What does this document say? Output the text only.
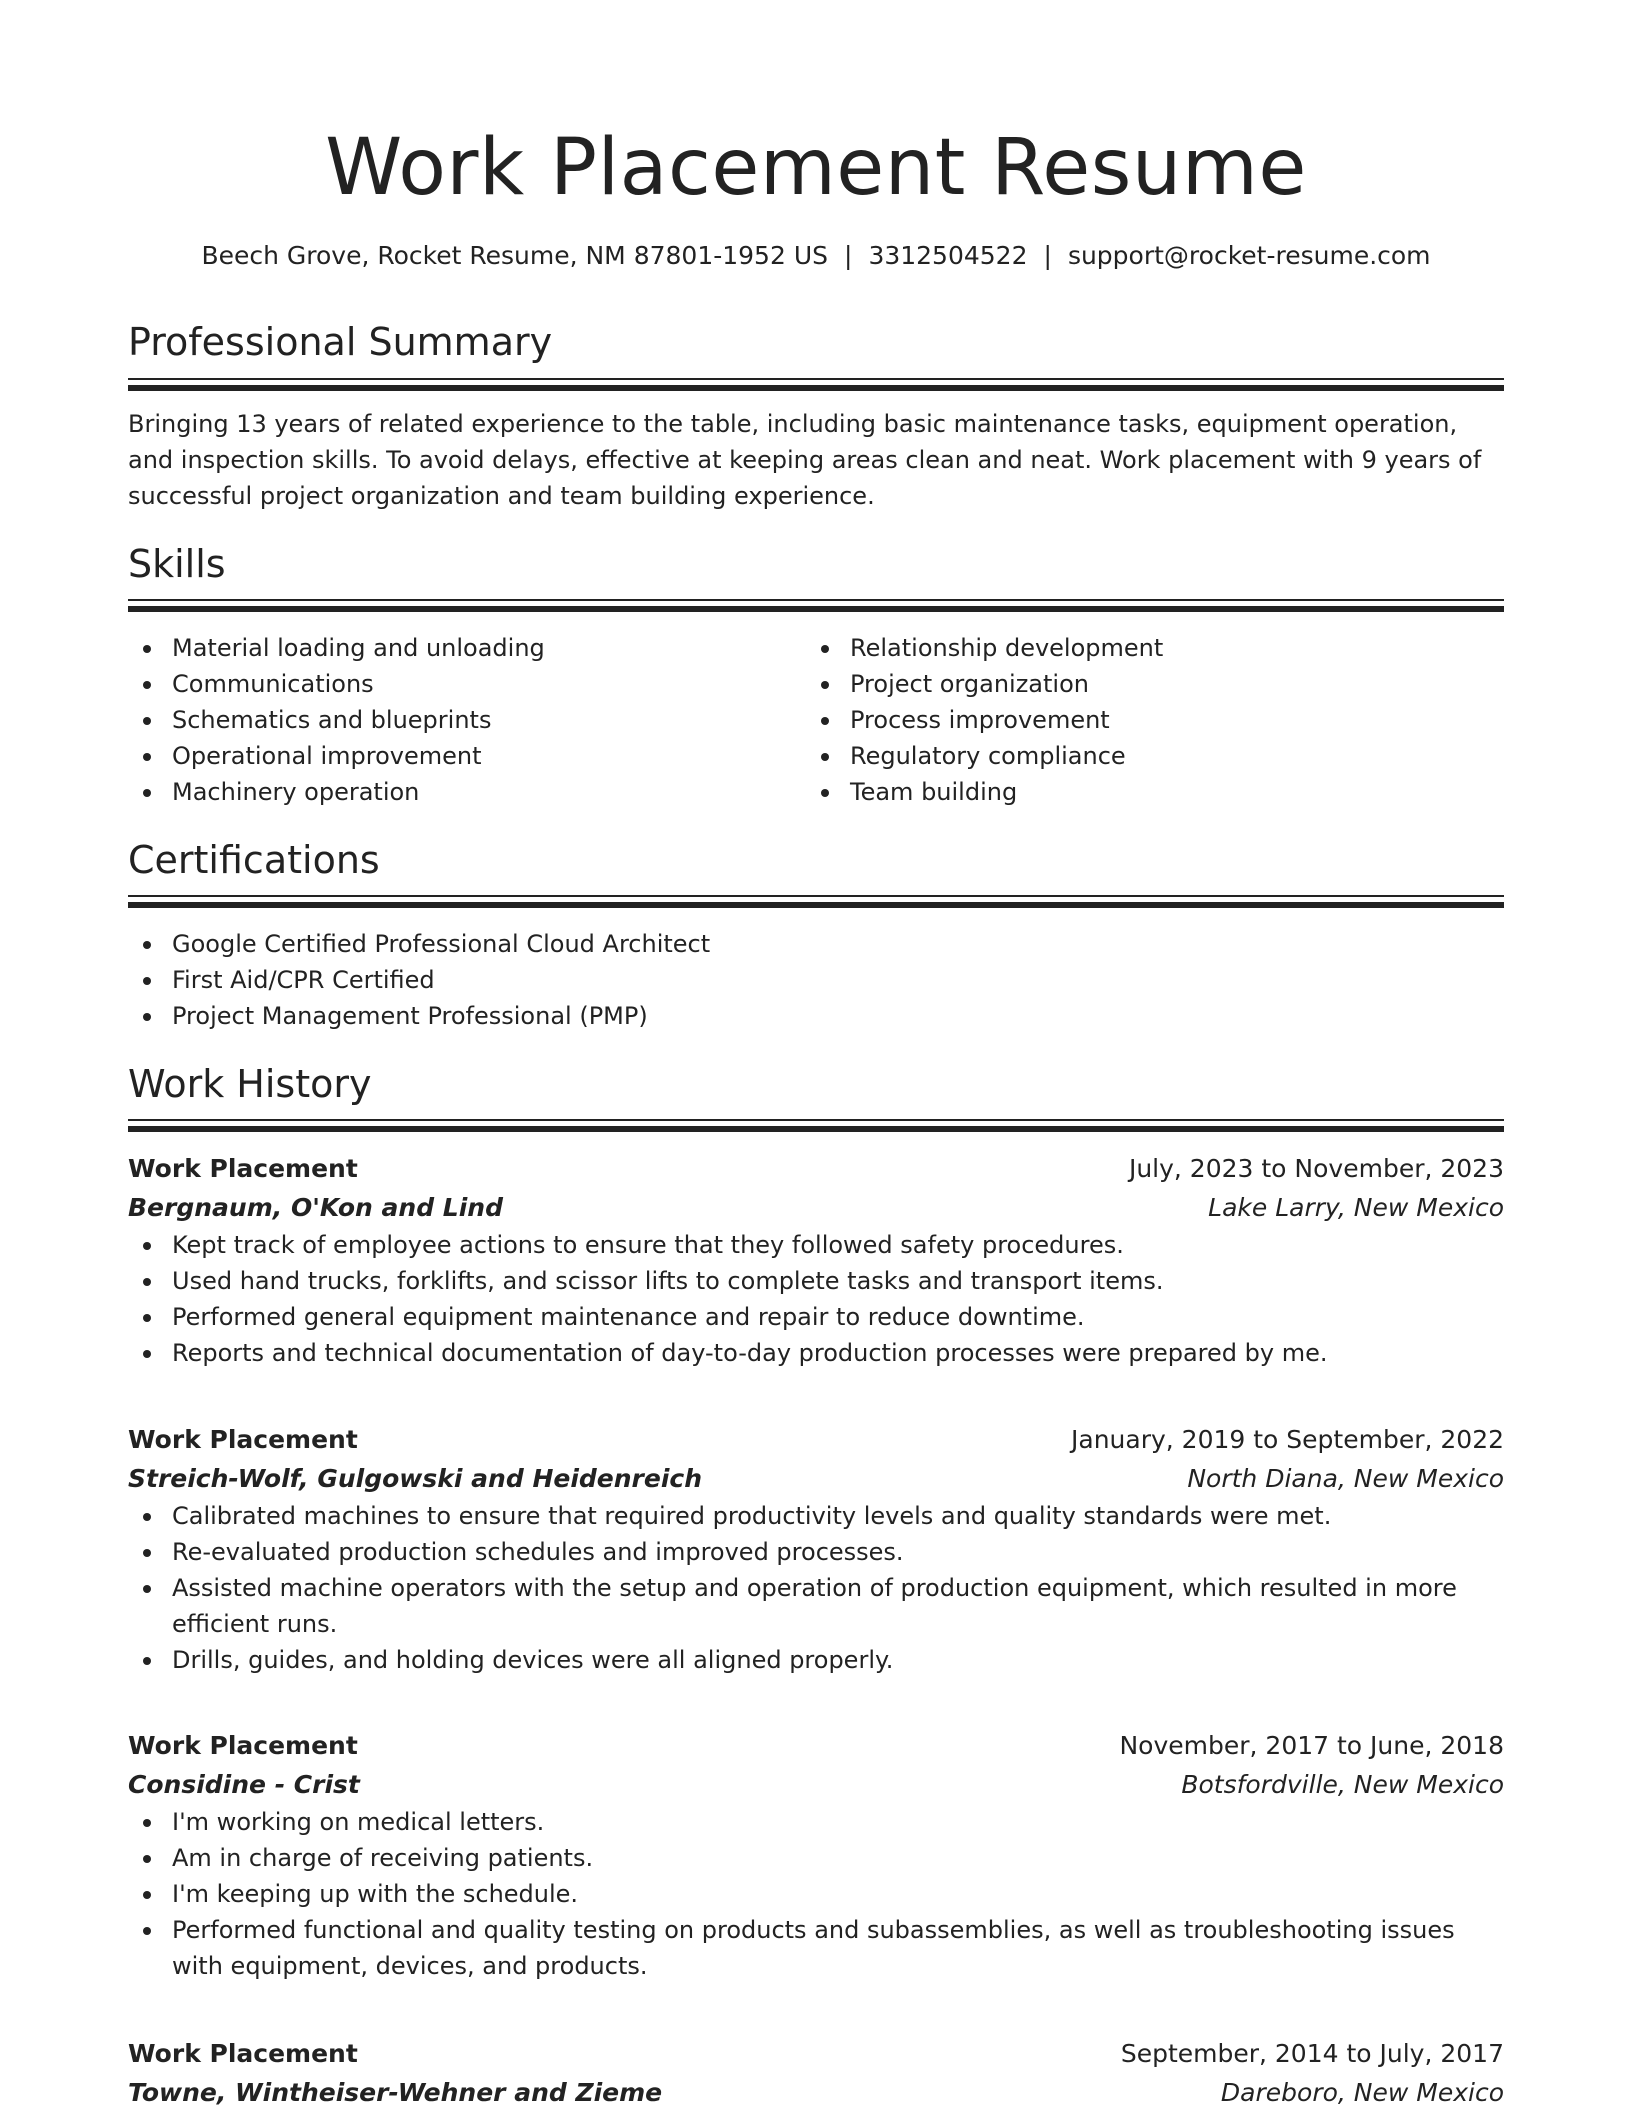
Work Placement Resume
Beech Grove, Rocket Resume, NM 87801-1952 US | 3312504522 | support@rocket-resume.com
Professional Summary
Bringing 13 years of related experience to the table, including basic maintenance tasks, equipment operation, and inspection skills. To avoid delays, effective at keeping areas clean and neat. Work placement with 9 years of successful project organization and team building experience.
Skills
Material loading and unloading
Communications
Schematics and blueprints
Operational improvement
Machinery operation
Relationship development
Project organization
Process improvement
Regulatory compliance
Team building
Certifications
Google Certified Professional Cloud Architect
First Aid/CPR Certified
Project Management Professional (PMP)
Work History
Work Placement	July, 2023 to November, 2023
Bergnaum, O'Kon and Lind	Lake Larry, New Mexico
Kept track of employee actions to ensure that they followed safety procedures.
Used hand trucks, forklifts, and scissor lifts to complete tasks and transport items.
Performed general equipment maintenance and repair to reduce downtime.
Reports and technical documentation of day-to-day production processes were prepared by me.
Work Placement	January, 2019 to September, 2022
Streich-Wolf, Gulgowski and Heidenreich	North Diana, New Mexico
Calibrated machines to ensure that required productivity levels and quality standards were met.
Re-evaluated production schedules and improved processes.
Assisted machine operators with the setup and operation of production equipment, which resulted in more efficient runs.
Drills, guides, and holding devices were all aligned properly.
Work Placement	November, 2017 to June, 2018
Considine - Crist	Botsfordville, New Mexico
I'm working on medical letters.
Am in charge of receiving patients.
I'm keeping up with the schedule.
Performed functional and quality testing on products and subassemblies, as well as troubleshooting issues with equipment, devices, and products.
Work Placement	September, 2014 to July, 2017
Towne, Wintheiser-Wehner and Zieme	Dareboro, New Mexico
